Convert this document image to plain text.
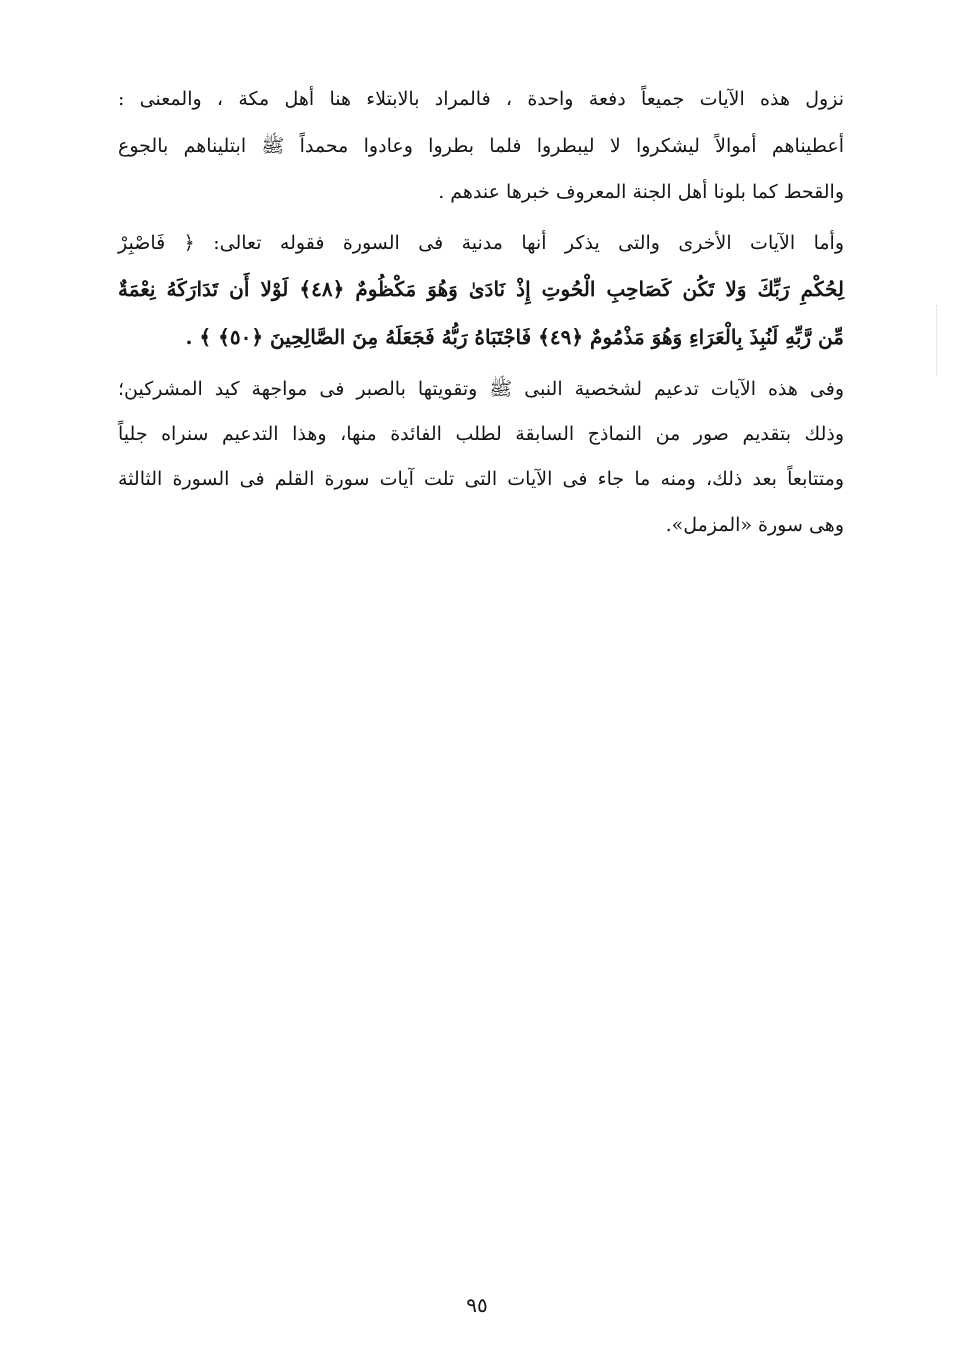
نزول هذه الآيات جميعاً دفعة واحدة ، فالمراد بالابتلاء هنا أهل مكة ، والمعنى :
أعطيناهم أموالاً ليشكروا لا ليبطروا فلما بطروا وعادوا محمداً ﷺ ابتليناهم بالجوع
والقحط كما بلونا أهل الجنة المعروف خبرها عندهم .
وأما الآيات الأخرى والتى يذكر أنها مدنية فى السورة فقوله تعالى: ﴿ فَاصْبِرْ
لِحُكْمِ رَبِّكَ وَلا تَكُن كَصَاحِبِ الْحُوتِ إِذْ نَادَىٰ وَهُوَ مَكْظُومٌ ﴿٤٨﴾ لَوْلا أَن تَدَارَكَهُ نِعْمَةٌ
مِّن رَّبِّهِ لَنُبِذَ بِالْعَرَاءِ وَهُوَ مَذْمُومٌ ﴿٤٩﴾ فَاجْتَبَاهُ رَبُّهُ فَجَعَلَهُ مِنَ الصَّالِحِينَ ﴿٥٠﴾ ﴾ .
وفى هذه الآيات تدعيم لشخصية النبى ﷺ وتقويتها بالصبر فى مواجهة كيد المشركين؛
وذلك بتقديم صور من النماذج السابقة لطلب الفائدة منها، وهذا التدعيم سنراه جلياً
ومتتابعاً بعد ذلك، ومنه ما جاء فى الآيات التى تلت آيات سورة القلم فى السورة الثالثة
وهى سورة «المزمل».
٩٥
